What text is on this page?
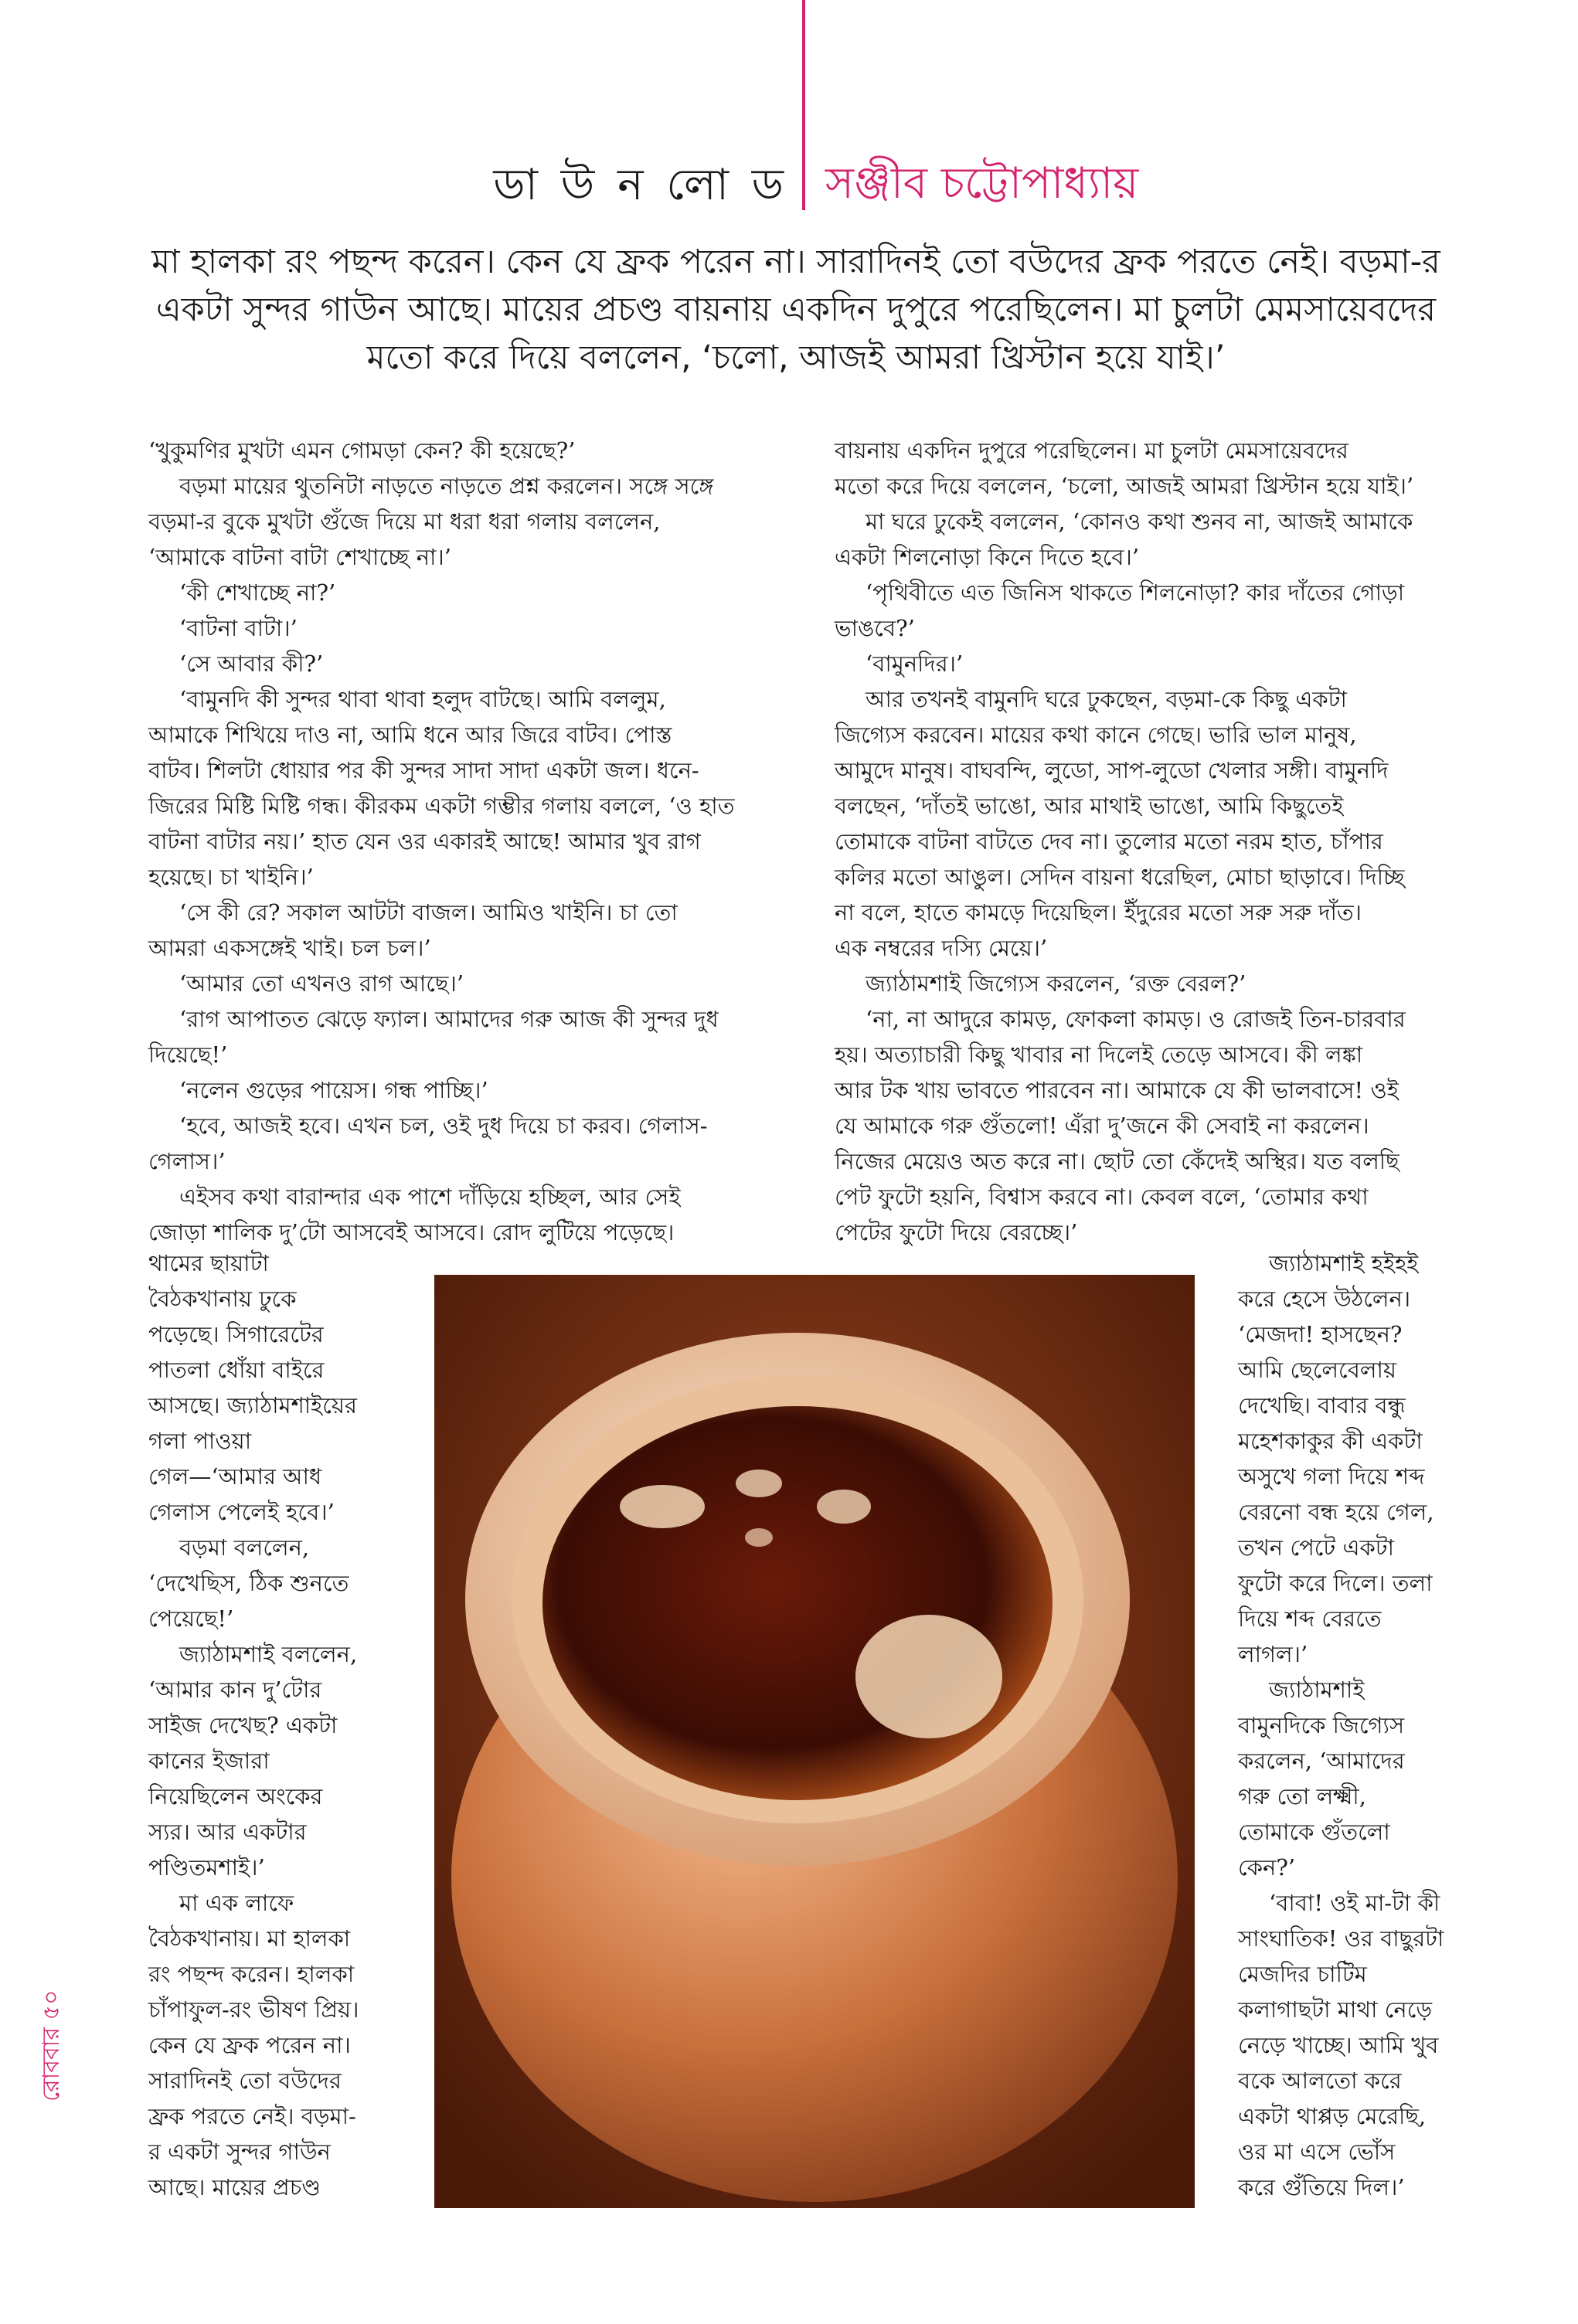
ডা উ ন লো ড সঞ্জীব চট্টোপাধ্যায়
মা হালকা রং পছন্দ করেন। কেন যে ফ্রক পরেন না। সারাদিনই তো বউদের ফ্রক পরতে নেই। বড়মা-র
একটা সুন্দর গাউন আছে। মায়ের প্রচণ্ড বায়নায় একদিন দুপুরে পরেছিলেন। মা চুলটা মেমসায়েবদের
মতো করে দিয়ে বললেন, ‘চলো, আজই আমরা খ্রিস্টান হয়ে যাই।’
‘খুকুমণির মুখটা এমন গোমড়া কেন? কী হয়েছে?’
বড়মা মায়ের থুতনিটা নাড়তে নাড়তে প্রশ্ন করলেন। সঙ্গে সঙ্গে
বড়মা-র বুকে মুখটা গুঁজে দিয়ে মা ধরা ধরা গলায় বললেন,
‘আমাকে বাটনা বাটা শেখাচ্ছে না।’
‘কী শেখাচ্ছে না?’
‘বাটনা বাটা।’
‘সে আবার কী?’
‘বামুনদি কী সুন্দর থাবা থাবা হলুদ বাটছে। আমি বললুম,
আমাকে শিখিয়ে দাও না, আমি ধনে আর জিরে বাটব। পোস্ত
বাটব। শিলটা ধোয়ার পর কী সুন্দর সাদা সাদা একটা জল। ধনে-
জিরের মিষ্টি মিষ্টি গন্ধ। কীরকম একটা গম্ভীর গলায় বললে, ‘ও হাত
বাটনা বাটার নয়।’ হাত যেন ওর একারই আছে! আমার খুব রাগ
হয়েছে। চা খাইনি।’
‘সে কী রে? সকাল আটটা বাজল। আমিও খাইনি। চা তো
আমরা একসঙ্গেই খাই। চল চল।’
‘আমার তো এখনও রাগ আছে।’
‘রাগ আপাতত ঝেড়ে ফ্যাল। আমাদের গরু আজ কী সুন্দর দুধ
দিয়েছে!’
‘নলেন গুড়ের পায়েস। গন্ধ পাচ্ছি।’
‘হবে, আজই হবে। এখন চল, ওই দুধ দিয়ে চা করব। গেলাস-
গেলাস।’
এইসব কথা বারান্দার এক পাশে দাঁড়িয়ে হচ্ছিল, আর সেই
জোড়া শালিক দু’টো আসবেই আসবে। রোদ লুটিয়ে পড়েছে।
বায়নায় একদিন দুপুরে পরেছিলেন। মা চুলটা মেমসায়েবদের
মতো করে দিয়ে বললেন, ‘চলো, আজই আমরা খ্রিস্টান হয়ে যাই।’
মা ঘরে ঢুকেই বললেন, ‘কোনও কথা শুনব না, আজই আমাকে
একটা শিলনোড়া কিনে দিতে হবে।’
‘পৃথিবীতে এত জিনিস থাকতে শিলনোড়া? কার দাঁতের গোড়া
ভাঙবে?’
‘বামুনদির।’
আর তখনই বামুনদি ঘরে ঢুকছেন, বড়মা-কে কিছু একটা
জিগ্যেস করবেন। মায়ের কথা কানে গেছে। ভারি ভাল মানুষ,
আমুদে মানুষ। বাঘবন্দি, লুডো, সাপ-লুডো খেলার সঙ্গী। বামুনদি
বলছেন, ‘দাঁতই ভাঙো, আর মাথাই ভাঙো, আমি কিছুতেই
তোমাকে বাটনা বাটতে দেব না। তুলোর মতো নরম হাত, চাঁপার
কলির মতো আঙুল। সেদিন বায়না ধরেছিল, মোচা ছাড়াবে। দিচ্ছি
না বলে, হাতে কামড়ে দিয়েছিল। ইঁদুরের মতো সরু সরু দাঁত।
এক নম্বরের দস্যি মেয়ে।’
জ্যাঠামশাই জিগ্যেস করলেন, ‘রক্ত বেরল?’
‘না, না আদুরে কামড়, ফোকলা কামড়। ও রোজই তিন-চারবার
হয়। অত্যাচারী কিছু খাবার না দিলেই তেড়ে আসবে। কী লঙ্কা
আর টক খায় ভাবতে পারবেন না। আমাকে যে কী ভালবাসে! ওই
যে আমাকে গরু গুঁতলো! এঁরা দু’জনে কী সেবাই না করলেন।
নিজের মেয়েও অত করে না। ছোট তো কেঁদেই অস্থির। যত বলছি
পেট ফুটো হয়নি, বিশ্বাস করবে না। কেবল বলে, ‘তোমার কথা
পেটের ফুটো দিয়ে বেরচ্ছে।’
থামের ছায়াটা
বৈঠকখানায় ঢুকে
পড়েছে। সিগারেটের
পাতলা ধোঁয়া বাইরে
আসছে। জ্যাঠামশাইয়ের
গলা পাওয়া
গেল—‘আমার আধ
গেলাস পেলেই হবে।’
বড়মা বললেন,
‘দেখেছিস, ঠিক শুনতে
পেয়েছে!’
জ্যাঠামশাই বললেন,
‘আমার কান দু’টোর
সাইজ দেখেছ? একটা
কানের ইজারা
নিয়েছিলেন অংকের
স্যর। আর একটার
পণ্ডিতমশাই।’
মা এক লাফে
বৈঠকখানায়। মা হালকা
রং পছন্দ করেন। হালকা
চাঁপাফুল-রং ভীষণ প্রিয়।
কেন যে ফ্রক পরেন না।
সারাদিনই তো বউদের
ফ্রক পরতে নেই। বড়মা-
র একটা সুন্দর গাউন
আছে। মায়ের প্রচণ্ড
জ্যাঠামশাই হইহই
করে হেসে উঠলেন।
‘মেজদা! হাসছেন?
আমি ছেলেবেলায়
দেখেছি। বাবার বন্ধু
মহেশকাকুর কী একটা
অসুখে গলা দিয়ে শব্দ
বেরনো বন্ধ হয়ে গেল,
তখন পেটে একটা
ফুটো করে দিলে। তলা
দিয়ে শব্দ বেরতে
লাগল।’
জ্যাঠামশাই
বামুনদিকে জিগ্যেস
করলেন, ‘আমাদের
গরু তো লক্ষ্মী,
তোমাকে গুঁতলো
কেন?’
‘বাবা! ওই মা-টা কী
সাংঘাতিক! ওর বাছুরটা
মেজদির চাটিম
কলাগাছটা মাথা নেড়ে
নেড়ে খাচ্ছে। আমি খুব
বকে আলতো করে
একটা থাপ্পড় মেরেছি,
ওর মা এসে ভোঁস
করে গুঁতিয়ে দিল।’
রোববার ৫০
